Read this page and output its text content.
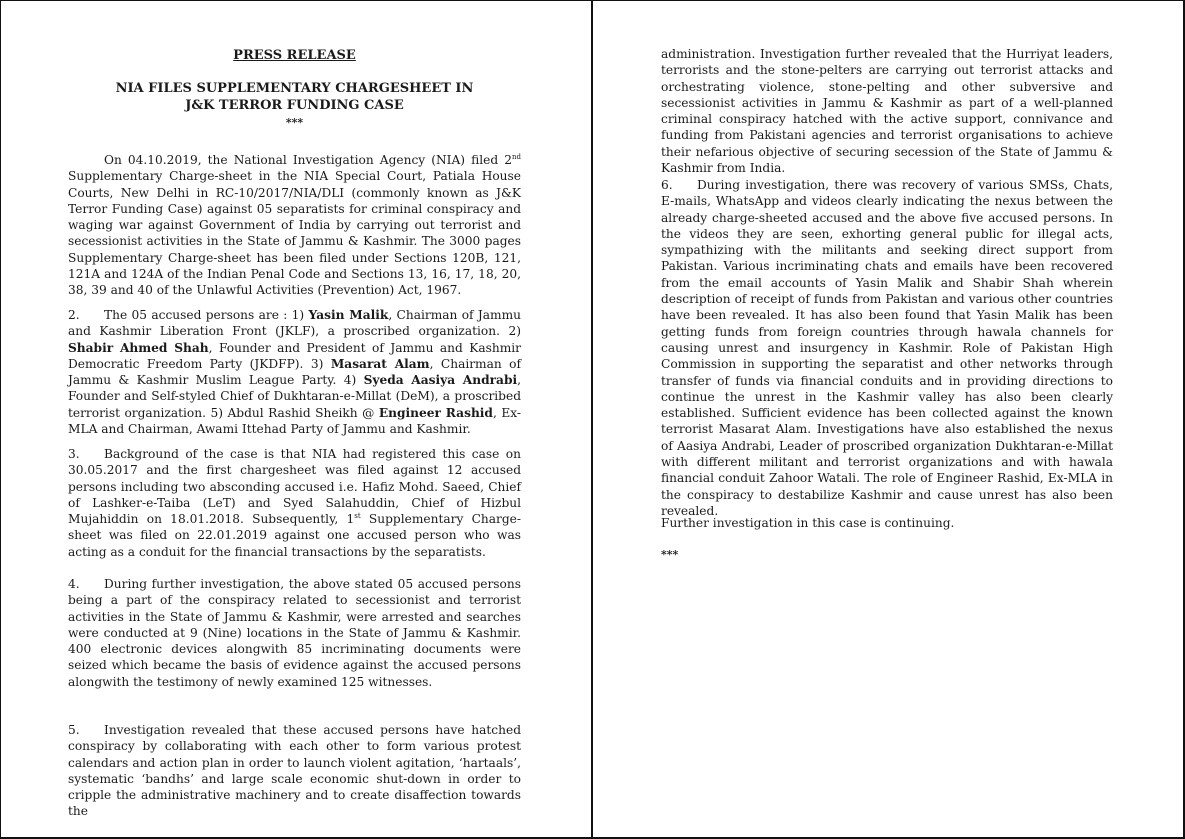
PRESS RELEASE
NIA FILES SUPPLEMENTARY CHARGESHEET IN
J&K TERROR FUNDING CASE
***

On 04.10.2019, the National Investigation Agency (NIA) filed 2nd Supplementary Charge-sheet in the NIA Special Court, Patiala House Courts, New Delhi in RC-10/2017/NIA/DLI (commonly known as J&K Terror Funding Case) against 05 separatists for criminal conspiracy and waging war against Government of India by carrying out terrorist and secessionist activities in the State of Jammu & Kashmir. The 3000 pages Supplementary Charge-sheet has been filed under Sections 120B, 121, 121A and 124A of the Indian Penal Code and Sections 13, 16, 17, 18, 20, 38, 39 and 40 of the Unlawful Activities (Prevention) Act, 1967.

2. The 05 accused persons are : 1) Yasin Malik, Chairman of Jammu and Kashmir Liberation Front (JKLF), a proscribed organization. 2) Shabir Ahmed Shah, Founder and President of Jammu and Kashmir Democratic Freedom Party (JKDFP). 3) Masarat Alam, Chairman of Jammu & Kashmir Muslim League Party. 4) Syeda Aasiya Andrabi, Founder and Self-styled Chief of Dukhtaran-e-Millat (DeM), a proscribed terrorist organization. 5) Abdul Rashid Sheikh @ Engineer Rashid, Ex-MLA and Chairman, Awami Ittehad Party of Jammu and Kashmir.

3. Background of the case is that NIA had registered this case on 30.05.2017 and the first chargesheet was filed against 12 accused persons including two absconding accused i.e. Hafiz Mohd. Saeed, Chief of Lashker-e-Taiba (LeT) and Syed Salahuddin, Chief of Hizbul Mujahiddin on 18.01.2018. Subsequently, 1st Supplementary Charge-sheet was filed on 22.01.2019 against one accused person who was acting as a conduit for the financial transactions by the separatists.

4. During further investigation, the above stated 05 accused persons being a part of the conspiracy related to secessionist and terrorist activities in the State of Jammu & Kashmir, were arrested and searches were conducted at 9 (Nine) locations in the State of Jammu & Kashmir. 400 electronic devices alongwith 85 incriminating documents were seized which became the basis of evidence against the accused persons alongwith the testimony of newly examined 125 witnesses.

5. Investigation revealed that these accused persons have hatched conspiracy by collaborating with each other to form various protest calendars and action plan in order to launch violent agitation, ‘hartaals’, systematic ‘bandhs’ and large scale economic shut-down in order to cripple the administrative machinery and to create disaffection towards the

administration. Investigation further revealed that the Hurriyat leaders, terrorists and the stone-pelters are carrying out terrorist attacks and orchestrating violence, stone-pelting and other subversive and secessionist activities in Jammu & Kashmir as part of a well-planned criminal conspiracy hatched with the active support, connivance and funding from Pakistani agencies and terrorist organisations to achieve their nefarious objective of securing secession of the State of Jammu & Kashmir from India.

6. During investigation, there was recovery of various SMSs, Chats, E-mails, WhatsApp and videos clearly indicating the nexus between the already charge-sheeted accused and the above five accused persons. In the videos they are seen, exhorting general public for illegal acts, sympathizing with the militants and seeking direct support from Pakistan. Various incriminating chats and emails have been recovered from the email accounts of Yasin Malik and Shabir Shah wherein description of receipt of funds from Pakistan and various other countries have been revealed. It has also been found that Yasin Malik has been getting funds from foreign countries through hawala channels for causing unrest and insurgency in Kashmir. Role of Pakistan High Commission in supporting the separatist and other networks through transfer of funds via financial conduits and in providing directions to continue the unrest in the Kashmir valley has also been clearly established. Sufficient evidence has been collected against the known terrorist Masarat Alam. Investigations have also established the nexus of Aasiya Andrabi, Leader of proscribed organization Dukhtaran-e-Millat with different militant and terrorist organizations and with hawala financial conduit Zahoor Watali. The role of Engineer Rashid, Ex-MLA in the conspiracy to destabilize Kashmir and cause unrest has also been revealed.

Further investigation in this case is continuing.

***
